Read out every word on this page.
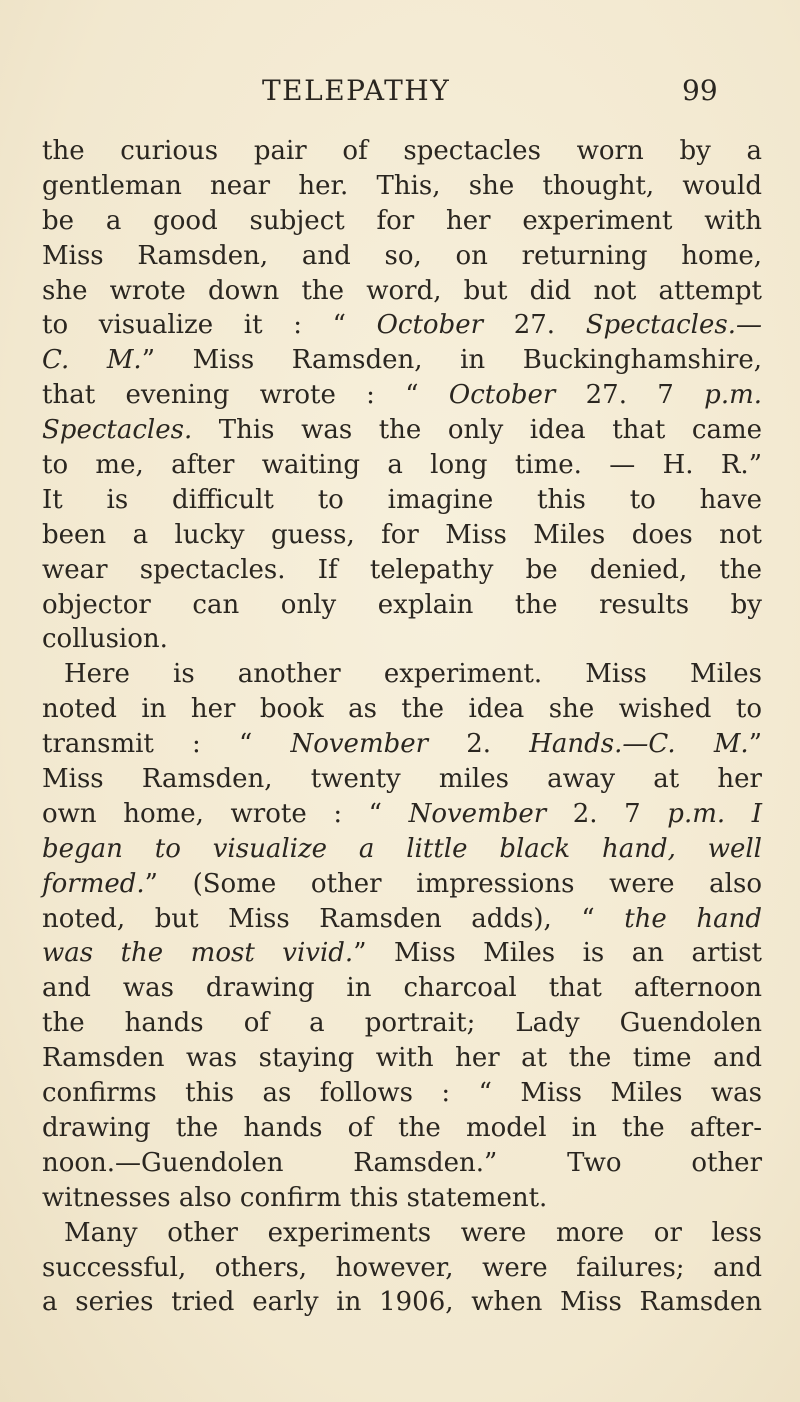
TELEPATHY	99
the curious pair of spectacles worn by a
gentleman near her. This, she thought, would
be a good subject for her experiment with
Miss Ramsden, and so, on returning home,
she wrote down the word, but did not attempt
to visualize it : “ October 27. Spectacles.—
C. M.” Miss Ramsden, in Buckinghamshire,
that evening wrote : “ October 27. 7 p.m.
Spectacles. This was the only idea that came
to me, after waiting a long time. — H. R.”
It is difficult to imagine this to have
been a lucky guess, for Miss Miles does not
wear spectacles. If telepathy be denied, the
objector can only explain the results by
collusion.
Here is another experiment. Miss Miles
noted in her book as the idea she wished to
transmit : “ November 2. Hands.—C. M.”
Miss Ramsden, twenty miles away at her
own home, wrote : “ November 2. 7 p.m. I
began to visualize a little black hand, well
formed.” (Some other impressions were also
noted, but Miss Ramsden adds), “ the hand
was the most vivid.” Miss Miles is an artist
and was drawing in charcoal that afternoon
the hands of a portrait; Lady Guendolen
Ramsden was staying with her at the time and
confirms this as follows : “ Miss Miles was
drawing the hands of the model in the after-
noon.—Guendolen Ramsden.” Two other
witnesses also confirm this statement.
Many other experiments were more or less
successful, others, however, were failures; and
a series tried early in 1906, when Miss Ramsden
